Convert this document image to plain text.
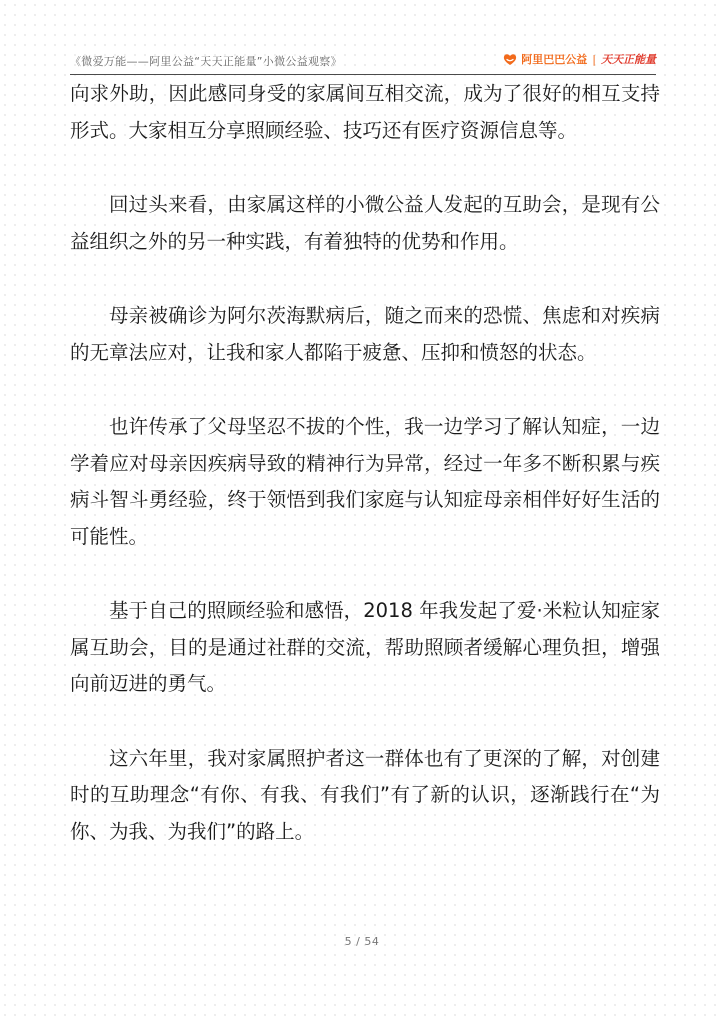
《微爱万能——阿里公益“天天正能量”小微公益观察》	阿里巴巴公益 | 天天正能量

向求外助，因此感同身受的家属间互相交流，成为了很好的相互支持形式。大家相互分享照顾经验、技巧还有医疗资源信息等。

回过头来看，由家属这样的小微公益人发起的互助会，是现有公益组织之外的另一种实践，有着独特的优势和作用。

母亲被确诊为阿尔茨海默病后，随之而来的恐慌、焦虑和对疾病的无章法应对，让我和家人都陷于疲惫、压抑和愤怒的状态。

也许传承了父母坚忍不拔的个性，我一边学习了解认知症，一边学着应对母亲因疾病导致的精神行为异常，经过一年多不断积累与疾病斗智斗勇经验，终于领悟到我们家庭与认知症母亲相伴好好生活的可能性。

基于自己的照顾经验和感悟，2018 年我发起了爱·米粒认知症家属互助会，目的是通过社群的交流，帮助照顾者缓解心理负担，增强向前迈进的勇气。

这六年里，我对家属照护者这一群体也有了更深的了解，对创建时的互助理念“有你、有我、有我们”有了新的认识，逐渐践行在“为你、为我、为我们”的路上。

5 / 54
